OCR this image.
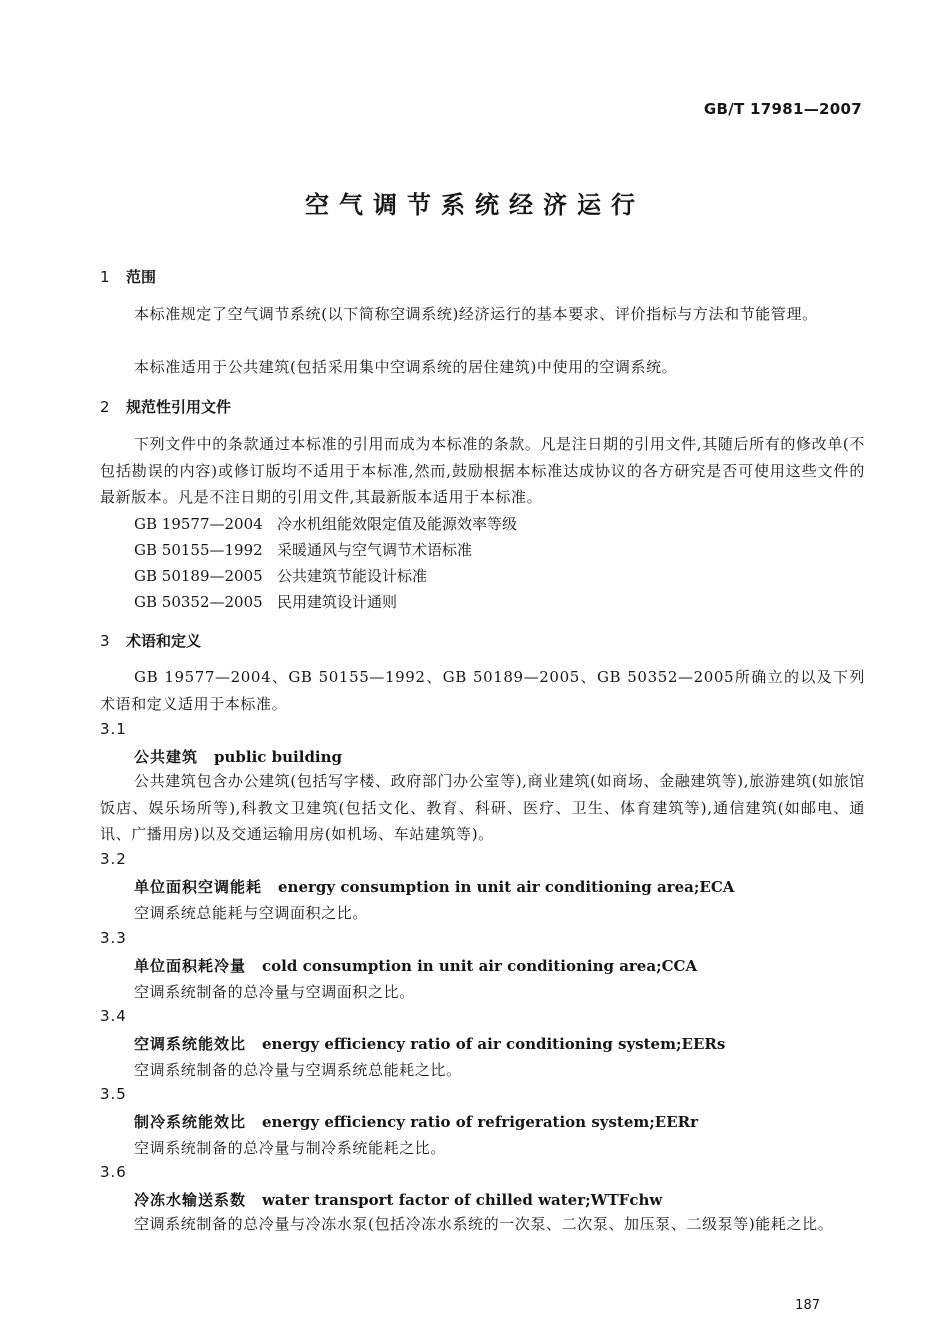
GB/T 17981—2007
空气调节系统经济运行
1 范围
本标准规定了空气调节系统(以下简称空调系统)经济运行的基本要求、评价指标与方法和节能管理。
本标准适用于公共建筑(包括采用集中空调系统的居住建筑)中使用的空调系统。
2 规范性引用文件
下列文件中的条款通过本标准的引用而成为本标准的条款。凡是注日期的引用文件,其随后所有的修改单(不包括勘误的内容)或修订版均不适用于本标准,然而,鼓励根据本标准达成协议的各方研究是否可使用这些文件的最新版本。凡是不注日期的引用文件,其最新版本适用于本标准。
GB 19577—2004 冷水机组能效限定值及能源效率等级
GB 50155—1992 采暖通风与空气调节术语标准
GB 50189—2005 公共建筑节能设计标准
GB 50352—2005 民用建筑设计通则
3 术语和定义
GB 19577—2004、GB 50155—1992、GB 50189—2005、GB 50352—2005所确立的以及下列术语和定义适用于本标准。
3.1
公共建筑 public building
公共建筑包含办公建筑(包括写字楼、政府部门办公室等),商业建筑(如商场、金融建筑等),旅游建筑(如旅馆饭店、娱乐场所等),科教文卫建筑(包括文化、教育、科研、医疗、卫生、体育建筑等),通信建筑(如邮电、通讯、广播用房)以及交通运输用房(如机场、车站建筑等)。
3.2
单位面积空调能耗 energy consumption in unit air conditioning area;ECA
空调系统总能耗与空调面积之比。
3.3
单位面积耗冷量 cold consumption in unit air conditioning area;CCA
空调系统制备的总冷量与空调面积之比。
3.4
空调系统能效比 energy efficiency ratio of air conditioning system;EERs
空调系统制备的总冷量与空调系统总能耗之比。
3.5
制冷系统能效比 energy efficiency ratio of refrigeration system;EERr
空调系统制备的总冷量与制冷系统能耗之比。
3.6
冷冻水输送系数 water transport factor of chilled water;WTFchw
空调系统制备的总冷量与冷冻水泵(包括冷冻水系统的一次泵、二次泵、加压泵、二级泵等)能耗之比。
187
